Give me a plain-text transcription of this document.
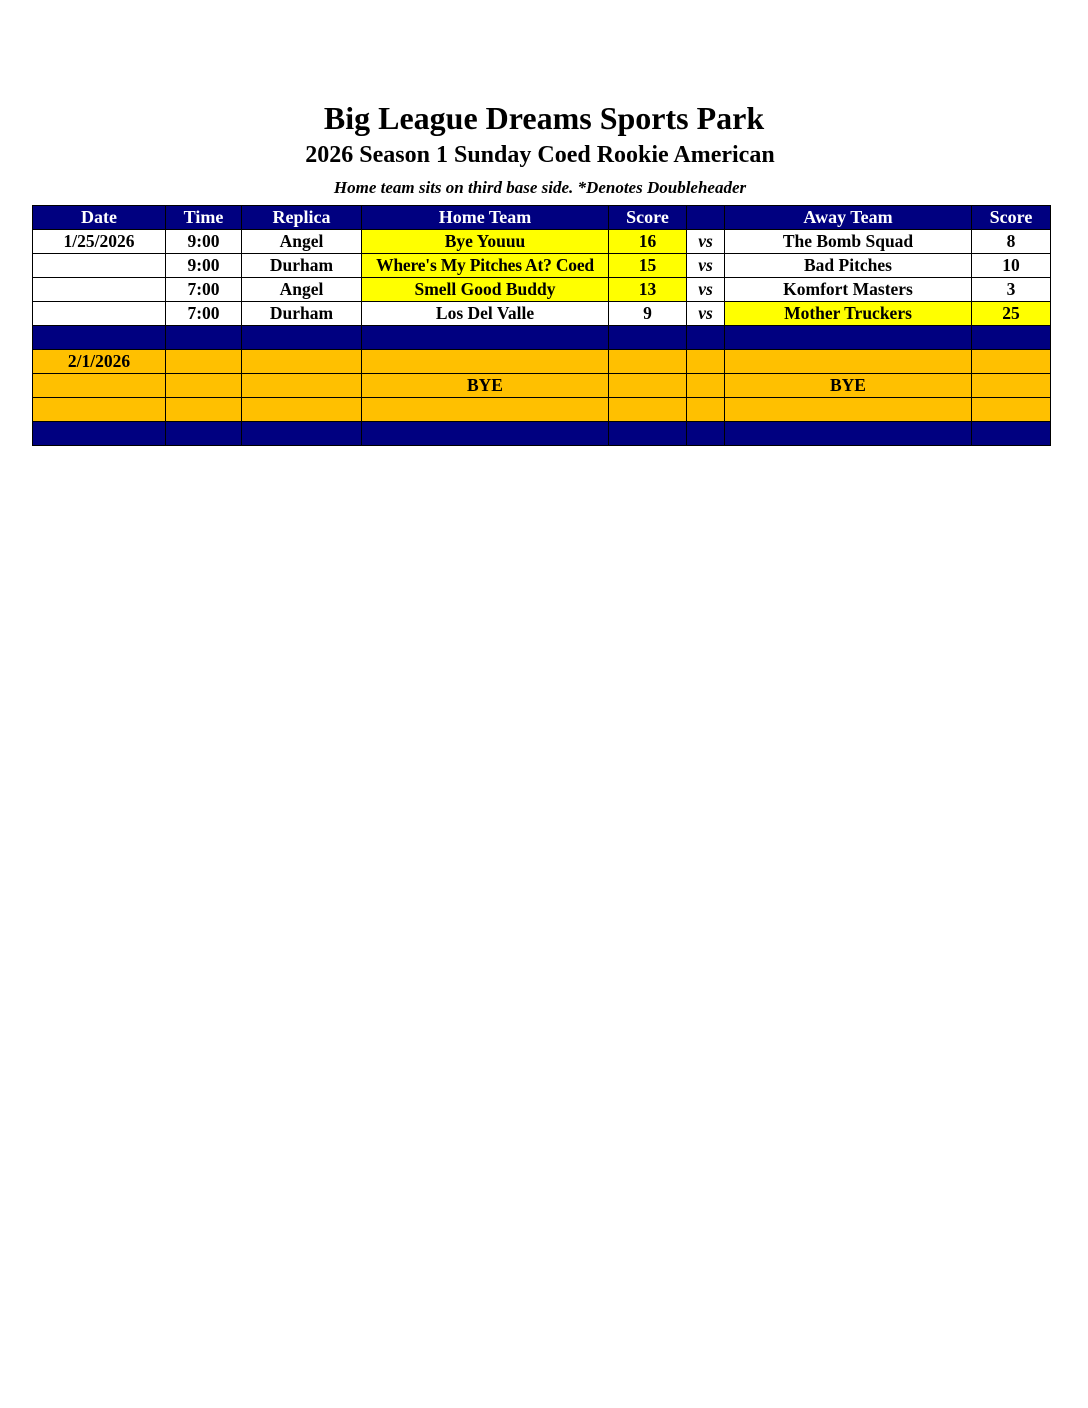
Big League Dreams Sports Park
2026 Season 1 Sunday Coed Rookie American
Home team sits on third base side. *Denotes Doubleheader
Date	Time	Replica	Home Team	Score		Away Team	Score
1/25/2026	9:00	Angel	Bye Youuu	16	vs	The Bomb Squad	8
	9:00	Durham	Where's My Pitches At? Coed	15	vs	Bad Pitches	10
	7:00	Angel	Smell Good Buddy	13	vs	Komfort Masters	3
	7:00	Durham	Los Del Valle	9	vs	Mother Truckers	25

2/1/2026							
			BYE			BYE	
